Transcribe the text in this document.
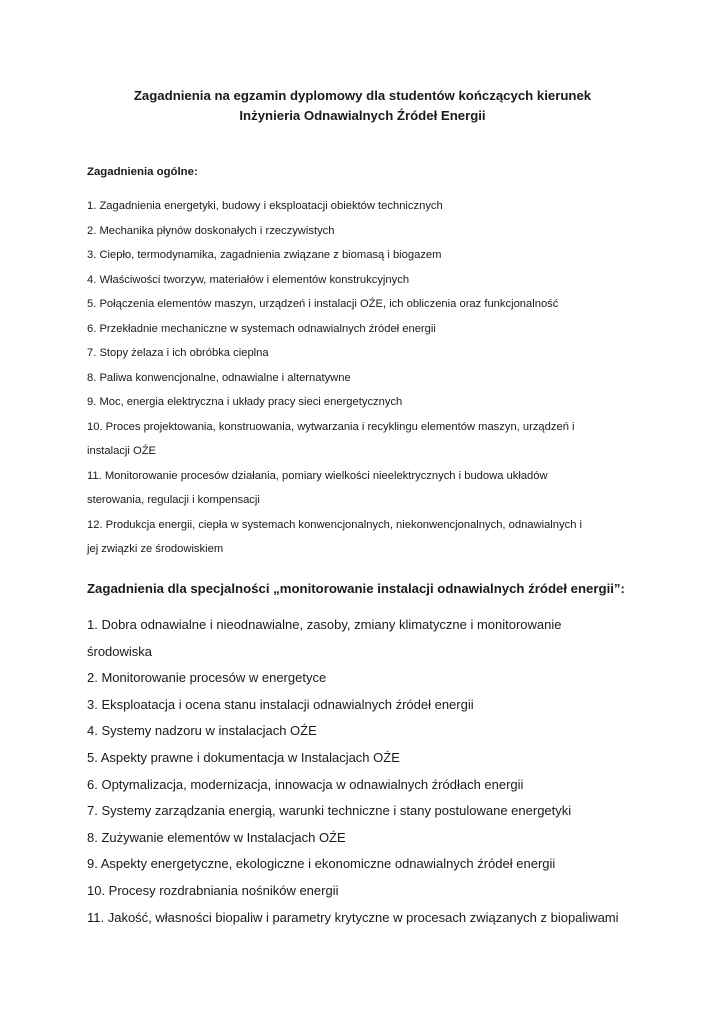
Zagadnienia na egzamin dyplomowy dla studentów kończących kierunek
Inżynieria Odnawialnych Źródeł Energii
Zagadnienia ogólne:
1. Zagadnienia energetyki, budowy i eksploatacji obiektów technicznych
2. Mechanika płynów doskonałych i rzeczywistych
3. Ciepło, termodynamika, zagadnienia związane z biomasą i biogazem
4. Właściwości tworzyw, materiałów i elementów konstrukcyjnych
5. Połączenia elementów maszyn, urządzeń i instalacji OŹE, ich obliczenia oraz funkcjonalność
6. Przekładnie mechaniczne w systemach odnawialnych źródeł energii
7. Stopy żelaza i ich obróbka cieplna
8. Paliwa konwencjonalne, odnawialne i alternatywne
9. Moc, energia elektryczna i układy pracy sieci energetycznych
10. Proces projektowania, konstruowania, wytwarzania i recyklingu elementów maszyn, urządzeń i
instalacji OŹE
11. Monitorowanie procesów działania, pomiary wielkości nieelektrycznych i budowa układów
sterowania, regulacji i kompensacji
12. Produkcja energii, ciepła w systemach konwencjonalnych, niekonwencjonalnych, odnawialnych i
jej związki ze środowiskiem
Zagadnienia dla specjalności „monitorowanie instalacji odnawialnych źródeł energii”:
1. Dobra odnawialne i nieodnawialne, zasoby, zmiany klimatyczne i monitorowanie
środowiska
2. Monitorowanie procesów w energetyce
3. Eksploatacja i ocena stanu instalacji odnawialnych źródeł energii
4. Systemy nadzoru w instalacjach OŹE
5. Aspekty prawne i dokumentacja w Instalacjach OŹE
6. Optymalizacja, modernizacja, innowacja w odnawialnych źródłach energii
7. Systemy zarządzania energią, warunki techniczne i stany postulowane energetyki
8. Zużywanie elementów w Instalacjach OŹE
9. Aspekty energetyczne, ekologiczne i ekonomiczne odnawialnych źródeł energii
10. Procesy rozdrabniania nośników energii
11. Jakość, własności biopaliw i parametry krytyczne w procesach związanych z biopaliwami
